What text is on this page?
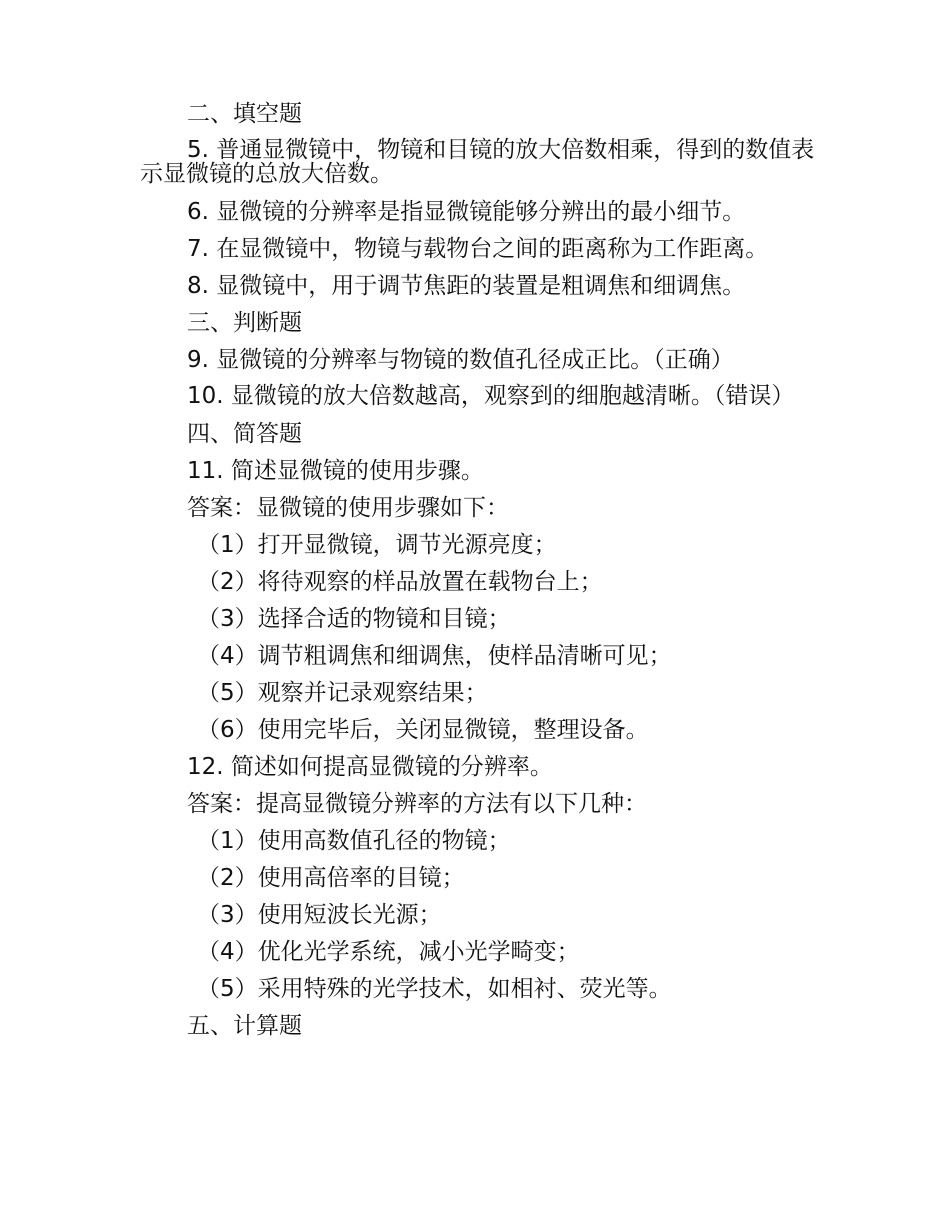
二、填空题
5. 普通显微镜中，物镜和目镜的放大倍数相乘，得到的数值表示显微镜的总放大倍数。
6. 显微镜的分辨率是指显微镜能够分辨出的最小细节。
7. 在显微镜中，物镜与载物台之间的距离称为工作距离。
8. 显微镜中，用于调节焦距的装置是粗调焦和细调焦。
三、判断题
9. 显微镜的分辨率与物镜的数值孔径成正比。（正确）
10. 显微镜的放大倍数越高，观察到的细胞越清晰。（错误）
四、简答题
11. 简述显微镜的使用步骤。
答案：显微镜的使用步骤如下：
（1）打开显微镜，调节光源亮度；
（2）将待观察的样品放置在载物台上；
（3）选择合适的物镜和目镜；
（4）调节粗调焦和细调焦，使样品清晰可见；
（5）观察并记录观察结果；
（6）使用完毕后，关闭显微镜，整理设备。
12. 简述如何提高显微镜的分辨率。
答案：提高显微镜分辨率的方法有以下几种：
（1）使用高数值孔径的物镜；
（2）使用高倍率的目镜；
（3）使用短波长光源；
（4）优化光学系统，减小光学畸变；
（5）采用特殊的光学技术，如相衬、荧光等。
五、计算题
